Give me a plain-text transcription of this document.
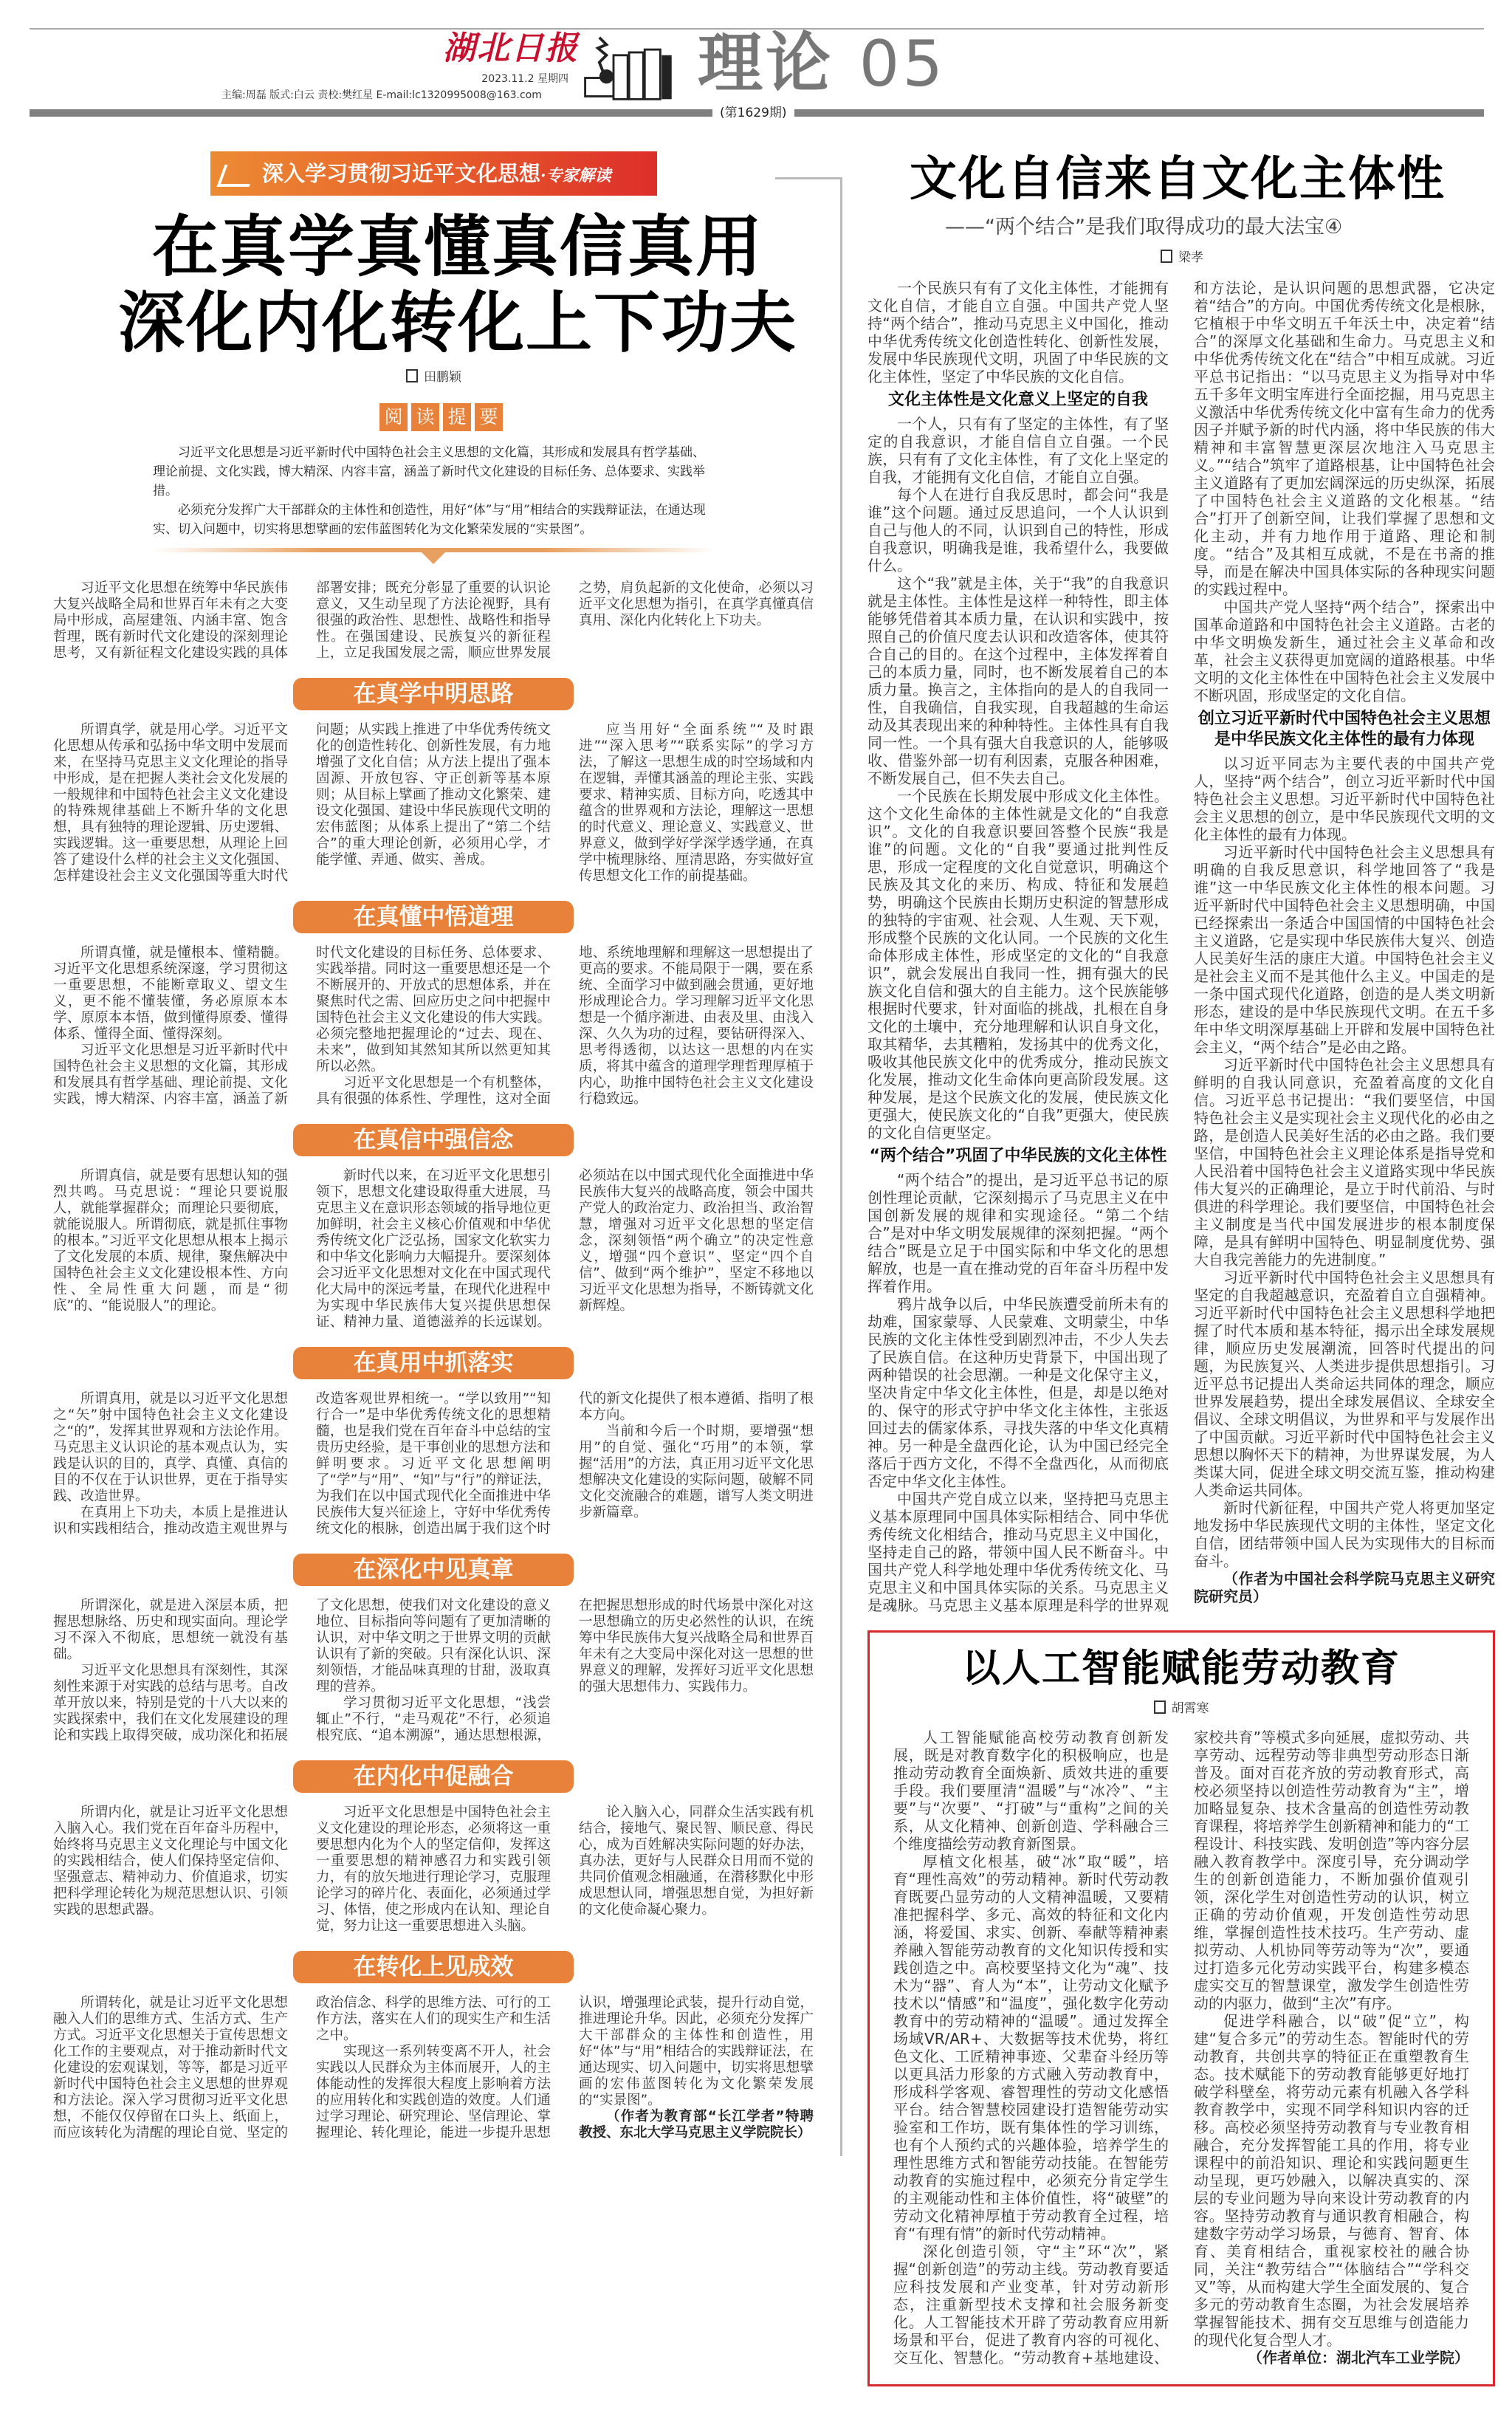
湖北日报
2023.11.2 星期四
主编:周磊 版式:白云 责校:樊红星 E-mail:lc1320995008@163.com 理论 05
(第1629期)
深入学习贯彻习近平文化思想·专家解读
在真学真懂真信真用
深化内化转化上下功夫
田鹏颖
阅 读 提 要

习近平文化思想是习近平新时代中国特色社会主义思想的文化篇，其形成和发展具有哲学基础、理论前提、文化实践，博大精深、内容丰富，涵盖了新时代文化建设的目标任务、总体要求、实践举措。

必须充分发挥广大干部群众的主体性和创造性，用好“体”与“用”相结合的实践辩证法，在通达现实、切入问题中，切实将思想擘画的宏伟蓝图转化为文化繁荣发展的“实景图”。

习近平文化思想在统筹中华民族伟大复兴战略全局和世界百年未有之大变局中形成，高屋建瓴、内涵丰富、饱含哲理，既有新时代文化建设的深刻理论思考，又有新征程文化建设实践的具体部署安排；既充分彰显了重要的认识论意义，又生动呈现了方法论视野，具有很强的政治性、思想性、战略性和指导性。在强国建设、民族复兴的新征程上，立足我国发展之需，顺应世界发展之势，肩负起新的文化使命，必须以习近平文化思想为指引，在真学真懂真信真用、深化内化转化上下功夫。

在真学中明思路

所谓真学，就是用心学。习近平文化思想从传承和弘扬中华文明中发展而来，在坚持马克思主义文化理论的指导中形成，是在把握人类社会文化发展的一般规律和中国特色社会主义文化建设的特殊规律基础上不断升华的文化思想，具有独特的理论逻辑、历史逻辑、实践逻辑。这一重要思想，从理论上回答了建设什么样的社会主义文化强国、怎样建设社会主义文化强国等重大时代问题；从实践上推进了中华优秀传统文化的创造性转化、创新性发展，有力地增强了文化自信；从方法上提出了强本固源、开放包容、守正创新等基本原则；从目标上擘画了推动文化繁荣、建设文化强国、建设中华民族现代文明的宏伟蓝图；从体系上提出了“第二个结合”的重大理论创新，必须用心学，才能学懂、弄通、做实、善成。

应当用好“全面系统”“及时跟进”“深入思考”“联系实际”的学习方法，了解这一思想生成的时空场域和内在逻辑，弄懂其涵盖的理论主张、实践要求、精神实质、目标方向，吃透其中蕴含的世界观和方法论，理解这一思想的时代意义、理论意义、实践意义、世界意义，做到学好学深学透学通，在真学中梳理脉络、厘清思路，夯实做好宣传思想文化工作的前提基础。

在真懂中悟道理

所谓真懂，就是懂根本、懂精髓。习近平文化思想系统深邃，学习贯彻这一重要思想，不能断章取义、望文生义，更不能不懂装懂，务必原原本本学、原原本本悟，做到懂得原委、懂得体系、懂得全面、懂得深刻。

习近平文化思想是习近平新时代中国特色社会主义思想的文化篇，其形成和发展具有哲学基础、理论前提、文化实践，博大精深、内容丰富，涵盖了新时代文化建设的目标任务、总体要求、实践举措。同时这一重要思想还是一个不断展开的、开放式的思想体系，并在聚焦时代之需、回应历史之问中把握中国特色社会主义文化建设的伟大实践。必须完整地把握理论的“过去、现在、未来”，做到知其然知其所以然更知其所以必然。

习近平文化思想是一个有机整体，具有很强的体系性、学理性，这对全面地、系统地理解和理解这一思想提出了更高的要求。不能局限于一隅，要在系统、全面学习中做到融会贯通，更好地形成理论合力。学习理解习近平文化思想是一个循序渐进、由表及里、由浅入深、久久为功的过程，要钻研得深入、思考得透彻，以达这一思想的内在实质，将其中蕴含的道理学理哲理厚植于内心，助推中国特色社会主义文化建设行稳致远。

在真信中强信念

所谓真信，就是要有思想认知的强烈共鸣。马克思说：“理论只要说服人，就能掌握群众；而理论只要彻底，就能说服人。所谓彻底，就是抓住事物的根本。”习近平文化思想从根本上揭示了文化发展的本质、规律，聚焦解决中国特色社会主义文化建设根本性、方向性、全局性重大问题，而是“彻底”的、“能说服人”的理论。

新时代以来，在习近平文化思想引领下，思想文化建设取得重大进展，马克思主义在意识形态领域的指导地位更加鲜明，社会主义核心价值观和中华优秀传统文化广泛弘扬，国家文化软实力和中华文化影响力大幅提升。要深刻体会习近平文化思想对文化在中国式现代化大局中的深远考量，在现代化进程中为实现中华民族伟大复兴提供思想保证、精神力量、道德滋养的长远谋划。必须站在以中国式现代化全面推进中华民族伟大复兴的战略高度，领会中国共产党人的政治定力、政治担当、政治智慧，增强对习近平文化思想的坚定信念，深刻领悟“两个确立”的决定性意义，增强“四个意识”、坚定“四个自信”、做到“两个维护”，坚定不移地以习近平文化思想为指导，不断铸就文化新辉煌。

在真用中抓落实

所谓真用，就是以习近平文化思想之“矢”射中国特色社会主义文化建设之“的”，发挥其世界观和方法论作用。马克思主义认识论的基本观点认为，实践是认识的目的，真学、真懂、真信的目的不仅在于认识世界，更在于指导实践、改造世界。

在真用上下功夫，本质上是推进认识和实践相结合，推动改造主观世界与改造客观世界相统一。“学以致用”“知行合一”是中华优秀传统文化的思想精髓，也是我们党在百年奋斗中总结的宝贵历史经验，是干事创业的思想方法和鲜明要求。习近平文化思想阐明了“学”与“用”、“知”与“行”的辩证法，为我们在以中国式现代化全面推进中华民族伟大复兴征途上，守好中华优秀传统文化的根脉，创造出属于我们这个时代的新文化提供了根本遵循、指明了根本方向。

当前和今后一个时期，要增强“想用”的自觉、强化“巧用”的本领，掌握“活用”的方法，真正用习近平文化思想解决文化建设的实际问题，破解不同文化交流融合的难题，谱写人类文明进步新篇章。

在深化中见真章

所谓深化，就是进入深层本质，把握思想脉络、历史和现实面向。理论学习不深入不彻底，思想统一就没有基础。

习近平文化思想具有深刻性，其深刻性来源于对实践的总结与思考。自改革开放以来，特别是党的十八大以来的实践探索中，我们在文化发展建设的理论和实践上取得突破，成功深化和拓展了文化思想，使我们对文化建设的意义地位、目标指向等问题有了更加清晰的认识，对中华文明之于世界文明的贡献认识有了新的突破。只有深化认识、深刻领悟，才能品味真理的甘甜，汲取真理的营养。

学习贯彻习近平文化思想，“浅尝辄止”不行，“走马观花”不行，必须追根究底、“追本溯源”，通达思想根源，在把握思想形成的时代场景中深化对这一思想确立的历史必然性的认识，在统筹中华民族伟大复兴战略全局和世界百年未有之大变局中深化对这一思想的世界意义的理解，发挥好习近平文化思想的强大思想伟力、实践伟力。

在内化中促融合

所谓内化，就是让习近平文化思想入脑入心。我们党在百年奋斗历程中，始终将马克思主义文化理论与中国文化的实践相结合，使人们保持坚定信仰、坚强意志、精神动力、价值追求，切实把科学理论转化为规范思想认识、引领实践的思想武器。

习近平文化思想是中国特色社会主义文化建设的理论形态，必须将这一重要思想内化为个人的坚定信仰，发挥这一重要思想的精神感召力和实践引领力，有的放矢地进行理论学习，克服理论学习的碎片化、表面化，必须通过学习、体悟，使之形成内在认知、理论自觉，努力让这一重要思想进入头脑。

论入脑入心，同群众生活实践有机结合，接地气、聚民智、顺民意、得民心，成为百姓解决实际问题的好办法，真办法，更好与人民群众日用而不觉的共同价值观念相融通，在潜移默化中形成思想认同，增强思想自觉，为担好新的文化使命凝心聚力。

在转化上见成效

所谓转化，就是让习近平文化思想融入人们的思维方式、生活方式、生产方式。习近平文化思想关于宣传思想文化工作的主要观点，对于推动新时代文化建设的宏观谋划，等等，都是习近平新时代中国特色社会主义思想的世界观和方法论。深入学习贯彻习近平文化思想，不能仅仅停留在口头上、纸面上，而应该转化为清醒的理论自觉、坚定的政治信念、科学的思维方法、可行的工作方法，落实在人们的现实生产和生活之中。

实现这一系列转变离不开人，社会实践以人民群众为主体而展开，人的主体能动性的发挥很大程度上影响着方法的应用转化和实践创造的效度。人们通过学习理论、研究理论、坚信理论、掌握理论、转化理论，能进一步提升思想认识，增强理论武装，提升行动自觉，推进理论升华。因此，必须充分发挥广大干部群众的主体性和创造性，用好“体”与“用”相结合的实践辩证法，在通达现实、切入问题中，切实将思想擘画的宏伟蓝图转化为文化繁荣发展的“实景图”。

（作者为教育部“长江学者”特聘教授、东北大学马克思主义学院院长）

文化自信来自文化主体性
——“两个结合”是我们取得成功的最大法宝④
梁孝

一个民族只有有了文化主体性，才能拥有文化自信，才能自立自强。中国共产党人坚持“两个结合”，推动马克思主义中国化，推动中华优秀传统文化创造性转化、创新性发展，发展中华民族现代文明，巩固了中华民族的文化主体性，坚定了中华民族的文化自信。

文化主体性是文化意义上坚定的自我

一个人，只有有了坚定的主体性，有了坚定的自我意识，才能自信自立自强。一个民族，只有有了文化主体性，有了文化上坚定的自我，才能拥有文化自信，才能自立自强。

每个人在进行自我反思时，都会问“我是谁”这个问题。通过反思追问，一个人认识到自己与他人的不同，认识到自己的特性，形成自我意识，明确我是谁，我希望什么，我要做什么。

这个“我”就是主体，关于“我”的自我意识就是主体性。主体性是这样一种特性，即主体能够凭借着其本质力量，在认识和实践中，按照自己的价值尺度去认识和改造客体，使其符合自己的目的。在这个过程中，主体发挥着自己的本质力量，同时，也不断发展着自己的本质力量。换言之，主体指向的是人的自我同一性，自我确信，自我实现，自我超越的生命运动及其表现出来的种种特性。主体性具有自我同一性。一个具有强大自我意识的人，能够吸收、借鉴外部一切有利因素，克服各种困难，不断发展自己，但不失去自己。

一个民族在长期发展中形成文化主体性。这个文化生命体的主体性就是文化的“自我意识”。文化的自我意识要回答整个民族“我是谁”的问题。文化的“自我”要通过批判性反思，形成一定程度的文化自觉意识，明确这个民族及其文化的来历、构成、特征和发展趋势，明确这个民族由长期历史积淀的智慧形成的独特的宇宙观、社会观、人生观、天下观，形成整个民族的文化认同。一个民族的文化生命体形成主体性，形成坚定的文化的“自我意识”，就会发展出自我同一性，拥有强大的民族文化自信和强大的自主能力。这个民族能够根据时代要求，针对面临的挑战，扎根在自身文化的土壤中，充分地理解和认识自身文化，取其精华，去其糟粕，发扬其中的优秀文化，吸收其他民族文化中的优秀成分，推动民族文化发展，推动文化生命体向更高阶段发展。这种发展，是这个民族文化的发展，使民族文化更强大，使民族文化的“自我”更强大，使民族的文化自信更坚定。

“两个结合”巩固了中华民族的文化主体性

“两个结合”的提出，是习近平总书记的原创性理论贡献，它深刻揭示了马克思主义在中国创新发展的规律和实现途径。“第二个结合”是对中华文明发展规律的深刻把握。“两个结合”既是立足于中国实际和中华文化的思想解放，也是一直在推动党的百年奋斗历程中发挥着作用。

鸦片战争以后，中华民族遭受前所未有的劫难，国家蒙辱、人民蒙难、文明蒙尘，中华民族的文化主体性受到剧烈冲击，不少人失去了民族自信。在这种历史背景下，中国出现了两种错误的社会思潮。一种是文化保守主义，坚决肯定中华文化主体性，但是，却是以绝对的、保守的形式守护中华文化主体性，主张返回过去的儒家体系，寻找失落的中华文化真精神。另一种是全盘西化论，认为中国已经完全落后于西方文化，不得不全盘西化，从而彻底否定中华文化主体性。

中国共产党自成立以来，坚持把马克思主义基本原理同中国具体实际相结合、同中华优秀传统文化相结合，推动马克思主义中国化，坚持走自己的路，带领中国人民不断奋斗。中国共产党人科学地处理中华优秀传统文化、马克思主义和中国具体实际的关系。马克思主义是魂脉。马克思主义基本原理是科学的世界观和方法论，是认识问题的思想武器，它决定着“结合”的方向。中国优秀传统文化是根脉，它植根于中华文明五千年沃土中，决定着“结合”的深厚文化基础和生命力。马克思主义和中华优秀传统文化在“结合”中相互成就。习近平总书记指出：“以马克思主义为指导对中华五千多年文明宝库进行全面挖掘，用马克思主义激活中华优秀传统文化中富有生命力的优秀因子并赋予新的时代内涵，将中华民族的伟大精神和丰富智慧更深层次地注入马克思主义。”“结合”筑牢了道路根基，让中国特色社会主义道路有了更加宏阔深远的历史纵深，拓展了中国特色社会主义道路的文化根基。“结合”打开了创新空间，让我们掌握了思想和文化主动，并有力地作用于道路、理论和制度。“结合”及其相互成就，不是在书斋的推导，而是在解决中国具体实际的各种现实问题的实践过程中。

中国共产党人坚持“两个结合”，探索出中国革命道路和中国特色社会主义道路。古老的中华文明焕发新生，通过社会主义革命和改革，社会主义获得更加宽阔的道路根基。中华文明的文化主体性在中国特色社会主义发展中不断巩固，形成坚定的文化自信。

创立习近平新时代中国特色社会主义思想是中华民族文化主体性的最有力体现

以习近平同志为主要代表的中国共产党人，坚持“两个结合”，创立习近平新时代中国特色社会主义思想。习近平新时代中国特色社会主义思想的创立，是中华民族现代文明的文化主体性的最有力体现。

习近平新时代中国特色社会主义思想具有明确的自我反思意识，科学地回答了“我是谁”这一中华民族文化主体性的根本问题。习近平新时代中国特色社会主义思想明确，中国已经探索出一条适合中国国情的中国特色社会主义道路，它是实现中华民族伟大复兴、创造人民美好生活的康庄大道。中国特色社会主义是社会主义而不是其他什么主义。中国走的是一条中国式现代化道路，创造的是人类文明新形态，建设的是中华民族现代文明。在五千多年中华文明深厚基础上开辟和发展中国特色社会主义，“两个结合”是必由之路。

习近平新时代中国特色社会主义思想具有鲜明的自我认同意识，充盈着高度的文化自信。习近平总书记提出：“我们要坚信，中国特色社会主义是实现社会主义现代化的必由之路，是创造人民美好生活的必由之路。我们要坚信，中国特色社会主义理论体系是指导党和人民沿着中国特色社会主义道路实现中华民族伟大复兴的正确理论，是立于时代前沿、与时俱进的科学理论。我们要坚信，中国特色社会主义制度是当代中国发展进步的根本制度保障，是具有鲜明中国特色、明显制度优势、强大自我完善能力的先进制度。”

习近平新时代中国特色社会主义思想具有坚定的自我超越意识，充盈着自立自强精神。习近平新时代中国特色社会主义思想科学地把握了时代本质和基本特征，揭示出全球发展规律，顺应历史发展潮流，回答时代提出的问题，为民族复兴、人类进步提供思想指引。习近平总书记提出人类命运共同体的理念，顺应世界发展趋势，提出全球发展倡议、全球安全倡议、全球文明倡议，为世界和平与发展作出了中国贡献。习近平新时代中国特色社会主义思想以胸怀天下的精神，为世界谋发展，为人类谋大同，促进全球文明交流互鉴，推动构建人类命运共同体。

新时代新征程，中国共产党人将更加坚定地发扬中华民族现代文明的主体性，坚定文化自信，团结带领中国人民为实现伟大的目标而奋斗。

（作者为中国社会科学院马克思主义研究院研究员）

以人工智能赋能劳动教育
胡霄寒

人工智能赋能高校劳动教育创新发展，既是对教育数字化的积极响应，也是推动劳动教育全面焕新、质效共进的重要手段。我们要厘清“温暖”与“冰冷”、“主要”与“次要”、“打破”与“重构”之间的关系，从文化精神、创新创造、学科融合三个维度描绘劳动教育新图景。

厚植文化根基，破“冰”取“暖”，培育“理性高效”的劳动精神。新时代劳动教育既要凸显劳动的人文精神温暖，又要精准把握科学、多元、高效的特征和文化内涵，将爱国、求实、创新、奉献等精神素养融入智能劳动教育的文化知识传授和实践创造之中。高校要坚持文化为“魂”、技术为“器”、育人为“本”，让劳动文化赋予技术以“情感”和“温度”，强化数字化劳动教育中的劳动精神的“温暖”。通过发挥全场域VR/AR+、大数据等技术优势，将红色文化、工匠精神事迹、父辈奋斗经历等以更具活力形象的方式融入劳动教育中，形成科学客观、睿智理性的劳动文化感悟平台。结合智慧校园建设打造智能劳动实验室和工作坊，既有集体性的学习训练，也有个人预约式的兴趣体验，培养学生的理性思维方式和智能劳动技能。在智能劳动教育的实施过程中，必须充分肯定学生的主观能动性和主体价值性，将“破壁”的劳动文化精神厚植于劳动教育全过程，培育“有理有情”的新时代劳动精神。

深化创造引领，守“主”环“次”，紧握“创新创造”的劳动主线。劳动教育要适应科技发展和产业变革，针对劳动新形态，注重新型技术支撑和社会服务新变化。人工智能技术开辟了劳动教育应用新场景和平台，促进了教育内容的可视化、交互化、智慧化。“劳动教育+基地建设、家校共育”等模式多向延展，虚拟劳动、共享劳动、远程劳动等非典型劳动形态日渐普及。面对百花齐放的劳动教育形式，高校必须坚持以创造性劳动教育为“主”，增加略显复杂、技术含量高的创造性劳动教育课程，将培养学生创新精神和能力的“工程设计、科技实践、发明创造”等内容分层融入教育教学中。深度引导，充分调动学生的创新创造能力，不断加强价值观引领，深化学生对创造性劳动的认识，树立正确的劳动价值观，开发创造性劳动思维，掌握创造性技术技巧。生产劳动、虚拟劳动、人机协同等劳动等为“次”，要通过打造多元化劳动实践平台，构建多模态虚实交互的智慧课堂，激发学生创造性劳动的内驱力，做到“主次”有序。

促进学科融合，以“破”促“立”，构建“复合多元”的劳动生态。智能时代的劳动教育，共创共享的特征正在重塑教育生态。技术赋能下的劳动教育能够更好地打破学科壁垒，将劳动元素有机融入各学科教育教学中，实现不同学科知识内容的迁移。高校必须坚持劳动教育与专业教育相融合，充分发挥智能工具的作用，将专业课程中的前沿知识、理论和实践问题更生动呈现，更巧妙融入，以解决真实的、深层的专业问题为导向来设计劳动教育的内容。坚持劳动教育与通识教育相融合，构建数字劳动学习场景，与德育、智育、体育、美育相结合，重视家校社的融合协同，关注“教劳结合”“体脑结合”“学科交叉”等，从而构建大学生全面发展的、复合多元的劳动教育生态圈，为社会发展培养掌握智能技术、拥有交互思维与创造能力的现代化复合型人才。

（作者单位：湖北汽车工业学院）
